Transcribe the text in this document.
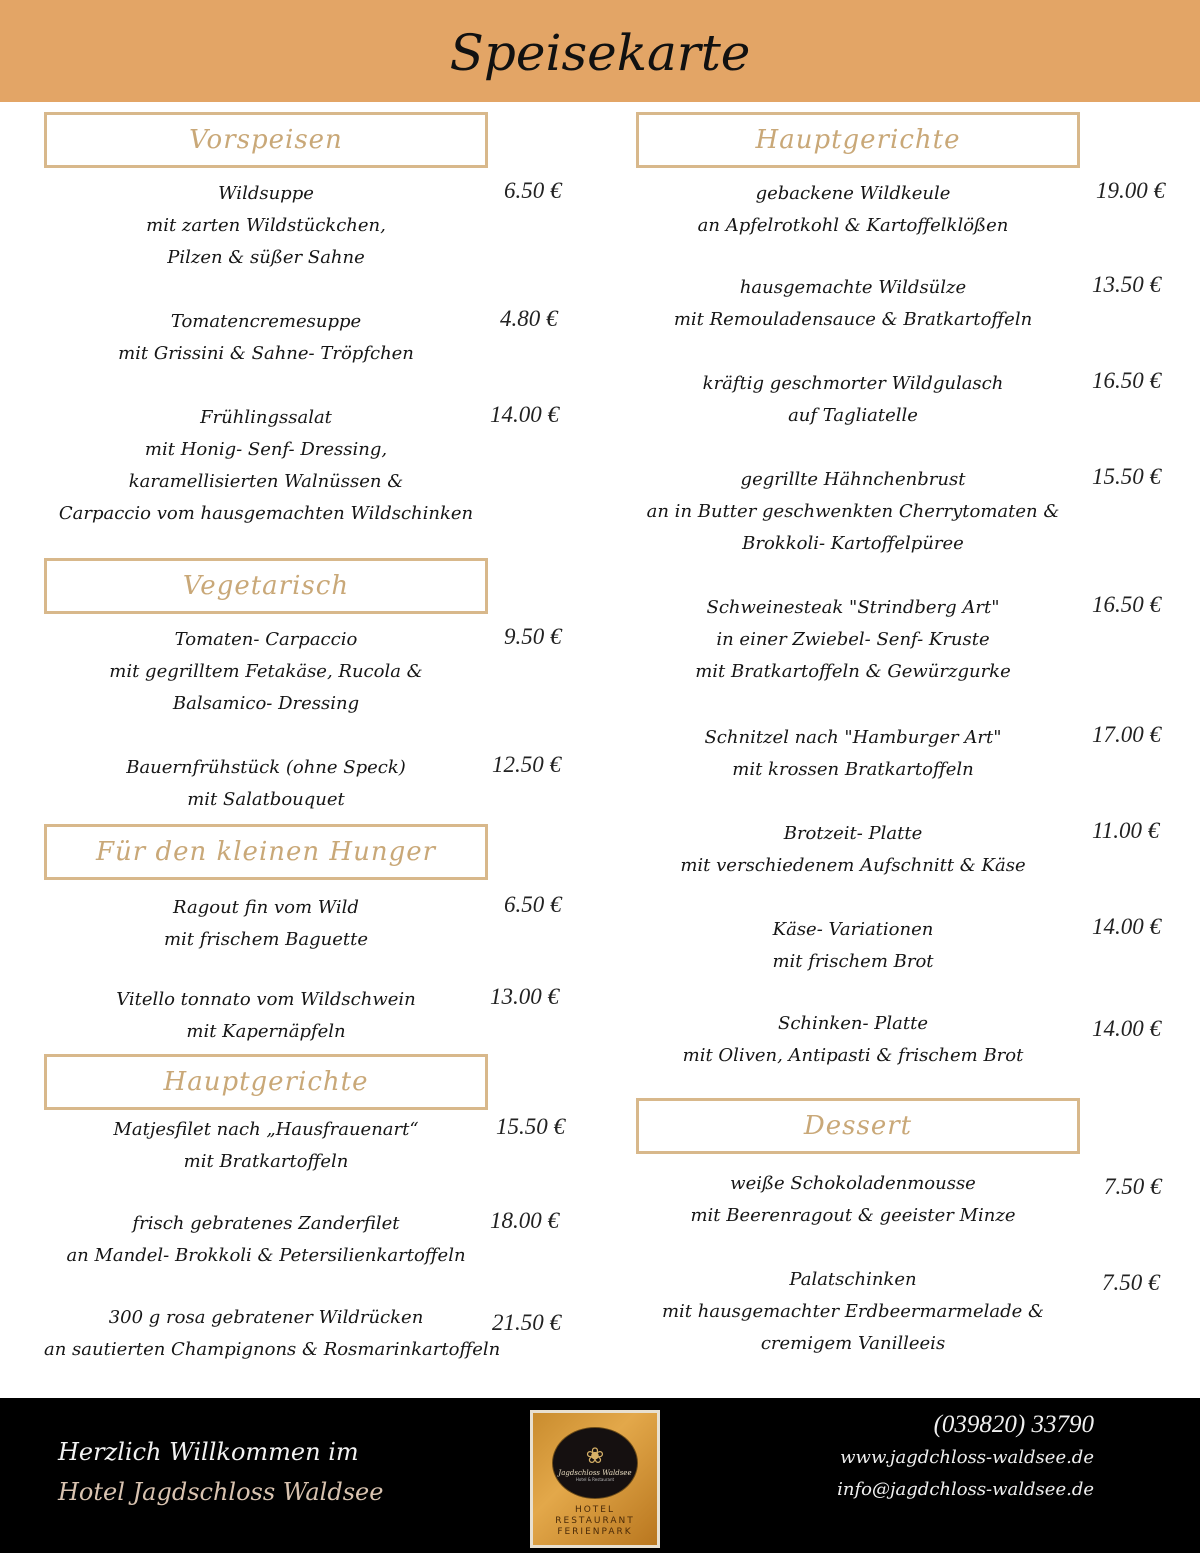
Speisekarte
Vorspeisen
Wildsuppe
mit zarten Wildstückchen,
Pilzen & süßer Sahne
6.50 €
Tomatencremesuppe
mit Grissini & Sahne- Tröpfchen
4.80 €
Frühlingssalat
mit Honig- Senf- Dressing,
karamellisierten Walnüssen &
Carpaccio vom hausgemachten Wildschinken
14.00 €
Vegetarisch
Tomaten- Carpaccio
mit gegrilltem Fetakäse, Rucola &
Balsamico- Dressing
9.50 €
Bauernfrühstück (ohne Speck)
mit Salatbouquet
12.50 €
Für den kleinen Hunger
Ragout fin vom Wild
mit frischem Baguette
6.50 €
Vitello tonnato vom Wildschwein
mit Kapernäpfeln
13.00 €
Hauptgerichte
Matjesfilet nach „Hausfrauenart“
mit Bratkartoffeln
15.50 €
frisch gebratenes Zanderfilet
an Mandel- Brokkoli & Petersilienkartoffeln
18.00 €
300 g rosa gebratener Wildrücken
an sautierten Champignons & Rosmarinkartoffeln
21.50 €
Hauptgerichte
gebackene Wildkeule
an Apfelrotkohl & Kartoffelklößen
19.00 €
hausgemachte Wildsülze
mit Remouladensauce & Bratkartoffeln
13.50 €
kräftig geschmorter Wildgulasch
auf Tagliatelle
16.50 €
gegrillte Hähnchenbrust
an in Butter geschwenkten Cherrytomaten &
Brokkoli- Kartoffelpüree
15.50 €
Schweinesteak "Strindberg Art"
in einer Zwiebel- Senf- Kruste
mit Bratkartoffeln & Gewürzgurke
16.50 €
Schnitzel nach "Hamburger Art"
mit krossen Bratkartoffeln
17.00 €
Brotzeit- Platte
mit verschiedenem Aufschnitt & Käse
11.00 €
Käse- Variationen
mit frischem Brot
14.00 €
Schinken- Platte
mit Oliven, Antipasti & frischem Brot
14.00 €
Dessert
weiße Schokoladenmousse
mit Beerenragout & geeister Minze
7.50 €
Palatschinken
mit hausgemachter Erdbeermarmelade &
cremigem Vanilleeis
7.50 €
Herzlich Willkommen im
Hotel Jagdschloss Waldsee
❀
Jagdschloss Waldsee
Hotel & Restaurant
HOTEL
RESTAURANT
FERIENPARK
(039820) 33790
www.jagdchloss-waldsee.de
info@jagdchloss-waldsee.de
